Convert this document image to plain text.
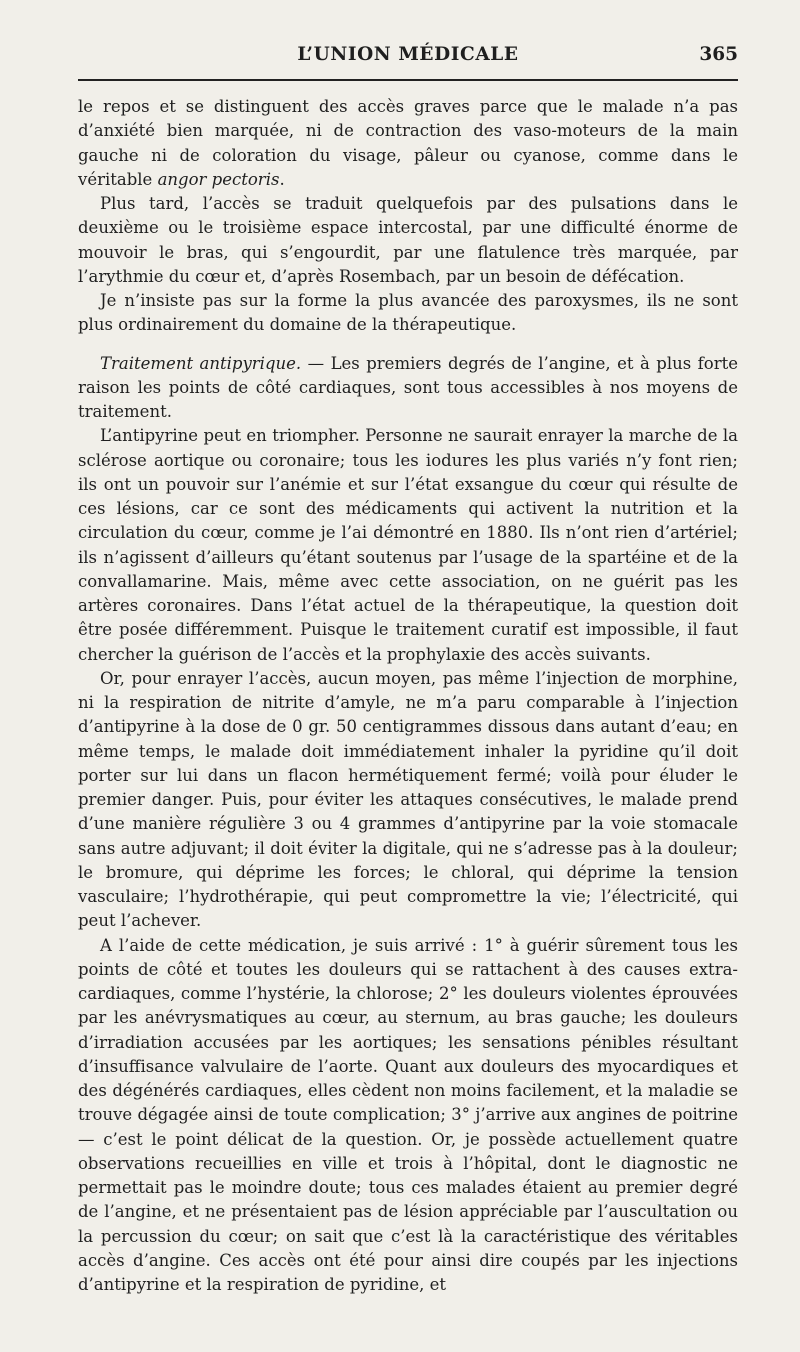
L’UNION MÉDICALE	365

le repos et se distinguent des accès graves parce que le malade n’a pas d’anxiété bien marquée, ni de contraction des vaso-moteurs de la main gauche ni de coloration du visage, pâleur ou cyanose, comme dans le véritable angor pectoris.

Plus tard, l’accès se traduit quelquefois par des pulsations dans le deuxième ou le troisième espace intercostal, par une difficulté énorme de mouvoir le bras, qui s’engourdit, par une flatulence très marquée, par l’arythmie du cœur et, d’après Rosembach, par un besoin de défécation.

Je n’insiste pas sur la forme la plus avancée des paroxysmes, ils ne sont plus ordinairement du domaine de la thérapeutique.

Traitement antipyrique. — Les premiers degrés de l’angine, et à plus forte raison les points de côté cardiaques, sont tous accessibles à nos moyens de traitement.

L’antipyrine peut en triompher. Personne ne saurait enrayer la marche de la sclérose aortique ou coronaire; tous les iodures les plus variés n’y font rien; ils ont un pouvoir sur l’anémie et sur l’état exsangue du cœur qui résulte de ces lésions, car ce sont des médicaments qui activent la nutrition et la circulation du cœur, comme je l’ai démontré en 1880. Ils n’ont rien d’artériel; ils n’agissent d’ailleurs qu’étant soutenus par l’usage de la spartéine et de la convallamarine. Mais, même avec cette association, on ne guérit pas les artères coronaires. Dans l’état actuel de la thérapeutique, la question doit être posée différemment. Puisque le traitement curatif est impossible, il faut chercher la guérison de l’accès et la prophylaxie des accès suivants.

Or, pour enrayer l’accès, aucun moyen, pas même l’injection de morphine, ni la respiration de nitrite d’amyle, ne m’a paru comparable à l’injection d’antipyrine à la dose de 0 gr. 50 centigrammes dissous dans autant d’eau; en même temps, le malade doit immédiatement inhaler la pyridine qu’il doit porter sur lui dans un flacon hermétiquement fermé; voilà pour éluder le premier danger. Puis, pour éviter les attaques consécutives, le malade prend d’une manière régulière 3 ou 4 grammes d’antipyrine par la voie stomacale sans autre adjuvant; il doit éviter la digitale, qui ne s’adresse pas à la douleur; le bromure, qui déprime les forces; le chloral, qui déprime la tension vasculaire; l’hydrothérapie, qui peut compromettre la vie; l’électricité, qui peut l’achever.

A l’aide de cette médication, je suis arrivé : 1° à guérir sûrement tous les points de côté et toutes les douleurs qui se rattachent à des causes extra-cardiaques, comme l’hystérie, la chlorose; 2° les douleurs violentes éprouvées par les anévrysmatiques au cœur, au sternum, au bras gauche; les douleurs d’irradiation accusées par les aortiques; les sensations pénibles résultant d’insuffisance valvulaire de l’aorte. Quant aux douleurs des myocardiques et des dégénérés cardiaques, elles cèdent non moins facilement, et la maladie se trouve dégagée ainsi de toute complication; 3° j’arrive aux angines de poitrine — c’est le point délicat de la question. Or, je possède actuellement quatre observations recueillies en ville et trois à l’hôpital, dont le diagnostic ne permettait pas le moindre doute; tous ces malades étaient au premier degré de l’angine, et ne présentaient pas de lésion appréciable par l’auscultation ou la percussion du cœur; on sait que c’est là la caractéristique des véritables accès d’angine. Ces accès ont été pour ainsi dire coupés par les injections d’antipyrine et la respiration de pyridine, et
